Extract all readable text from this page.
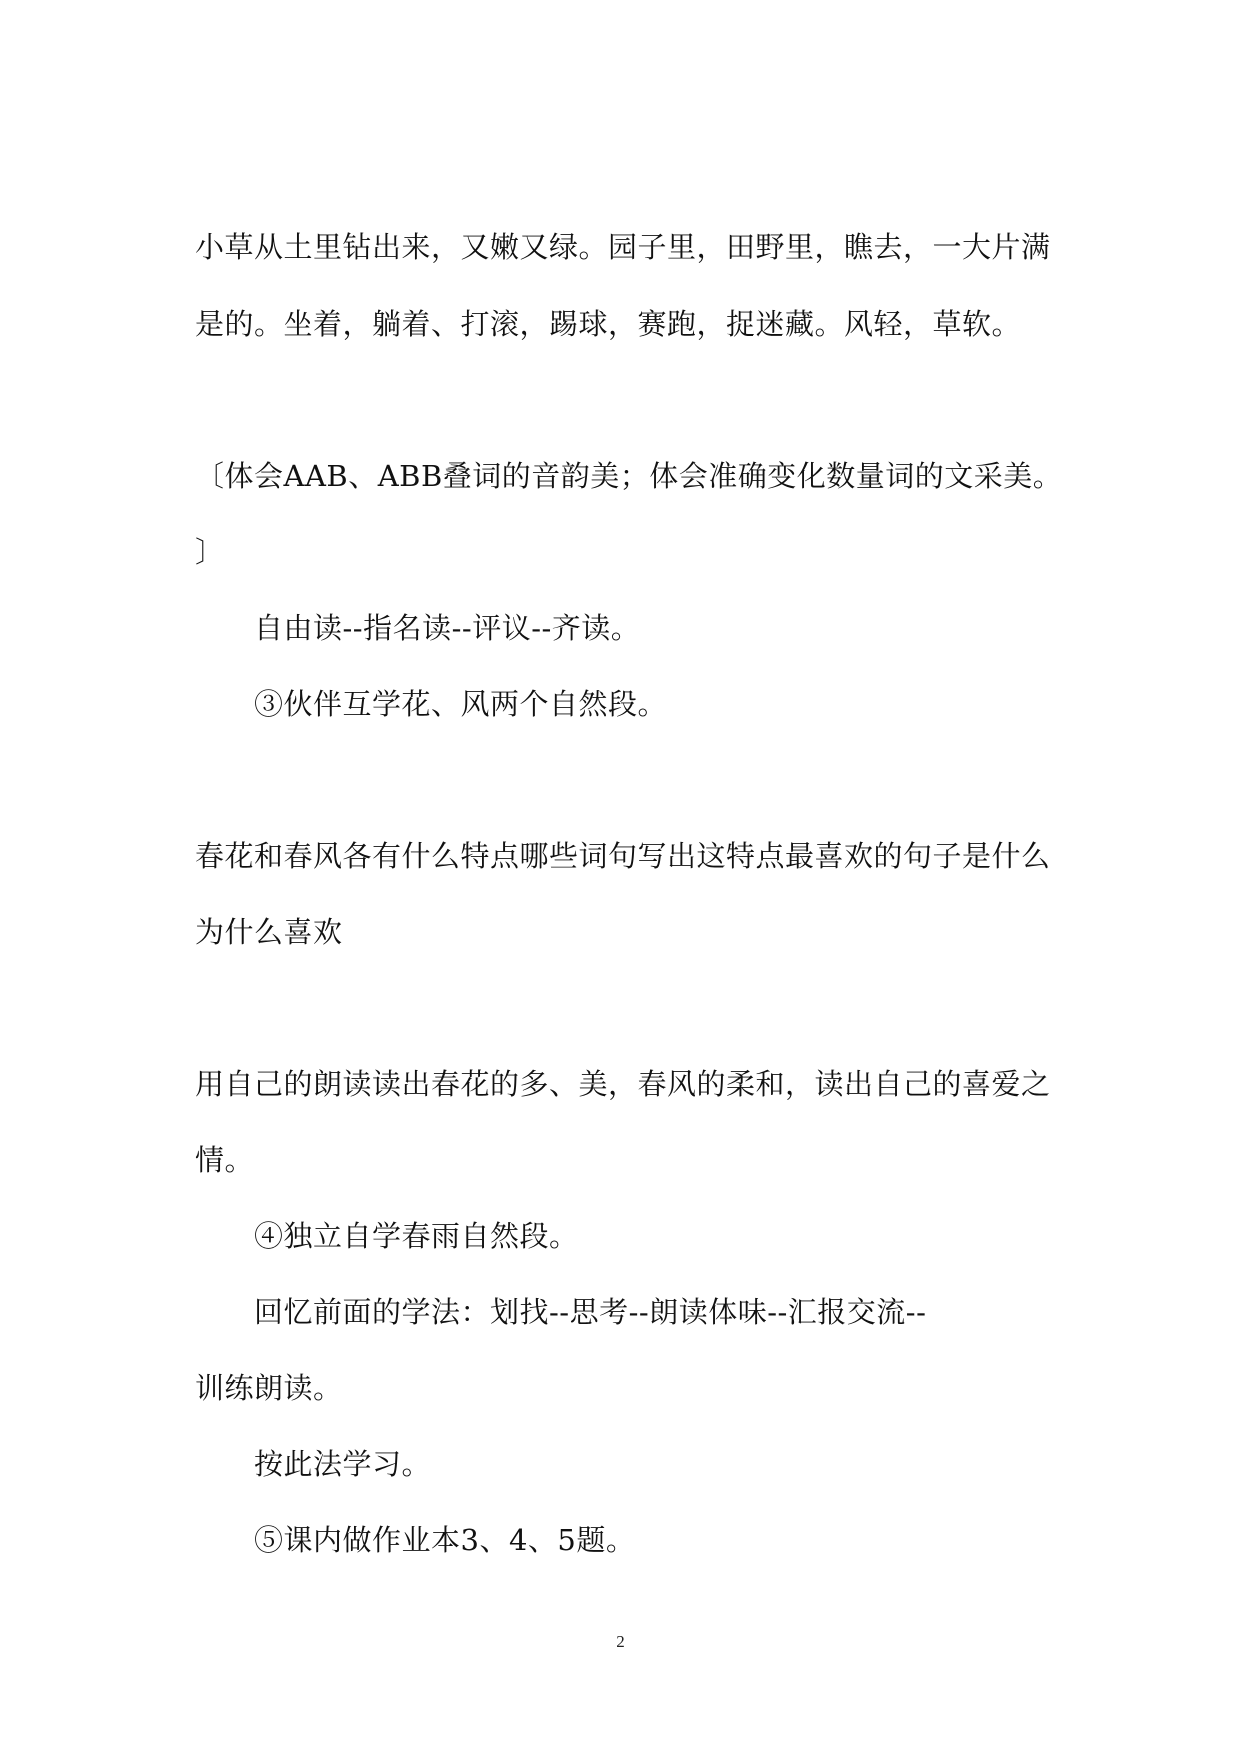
小草从土里钻出来，又嫩又绿。园子里，田野里，瞧去，一大片满
是的。坐着，躺着、打滚，踢球，赛跑，捉迷藏。风轻，草软。
〔体会AAB、ABB叠词的音韵美；体会准确变化数量词的文采美。
〕
自由读--指名读--评议--齐读。
③伙伴互学花、风两个自然段。
春花和春风各有什么特点哪些词句写出这特点最喜欢的句子是什么
为什么喜欢
用自己的朗读读出春花的多、美，春风的柔和，读出自己的喜爱之
情。
④独立自学春雨自然段。
回忆前面的学法：划找--思考--朗读体味--汇报交流--
训练朗读。
按此法学习。
⑤课内做作业本3、4、5题。
2
